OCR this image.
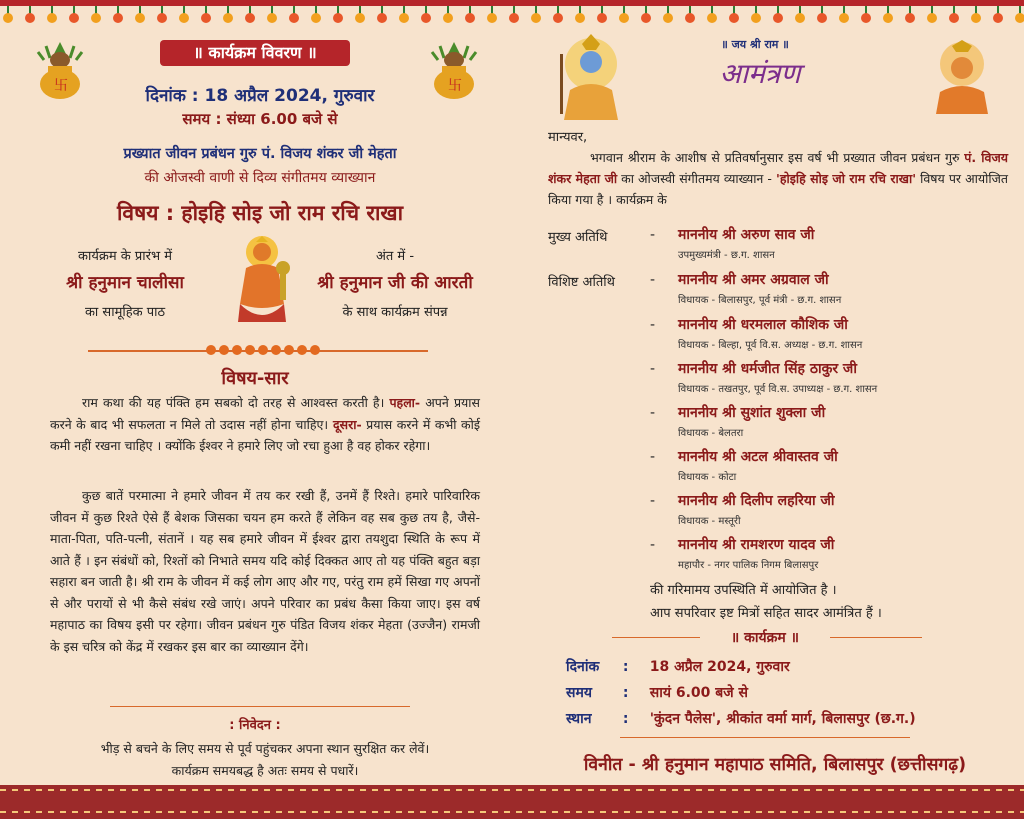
卐	卐
॥ कार्यक्रम विवरण ॥
दिनांक : 18 अप्रैल 2024, गुरुवार
समय : संध्या 6.00 बजे से
प्रख्यात जीवन प्रबंधन गुरु पं. विजय शंकर जी मेहता
की ओजस्वी वाणी से दिव्य संगीतमय व्याख्यान
विषय : होइहि सोइ जो राम रचि राखा
कार्यक्रम के प्रारंभ में
श्री हनुमान चालीसा
का सामूहिक पाठ
अंत में -
श्री हनुमान जी की आरती
के साथ कार्यक्रम संपन्न
विषय-सार
राम कथा की यह पंक्ति हम सबको दो तरह से आश्वस्त करती है। पहला- अपने प्रयास करने के बाद भी सफलता न मिले तो उदास नहीं होना चाहिए। दूसरा- प्रयास करने में कभी कोई कमी नहीं रखना चाहिए । क्योंकि ईश्वर ने हमारे लिए जो रचा हुआ है वह होकर रहेगा।
कुछ बातें परमात्मा ने हमारे जीवन में तय कर रखी हैं, उनमें हैं रिश्ते। हमारे पारिवारिक जीवन में कुछ रिश्ते ऐसे हैं बेशक जिसका चयन हम करते हैं लेकिन वह सब कुछ तय है, जैसे- माता-पिता, पति-पत्नी, संतानें । यह सब हमारे जीवन में ईश्वर द्वारा तयशुदा स्थिति के रूप में आते हैं । इन संबंधों को, रिश्तों को निभाते समय यदि कोई दिक्कत आए तो यह पंक्ति बहुत बड़ा सहारा बन जाती है। श्री राम के जीवन में कई लोग आए और गए, परंतु राम हमें सिखा गए अपनों से और परायों से भी कैसे संबंध रखे जाएं। अपने परिवार का प्रबंध कैसा किया जाए। इस वर्ष महापाठ का विषय इसी पर रहेगा। जीवन प्रबंधन गुरु पंडित विजय शंकर मेहता (उज्जैन) रामजी के इस चरित्र को केंद्र में रखकर इस बार का व्याख्यान देंगे।
: निवेदन :
भीड़ से बचने के लिए समय से पूर्व पहुंचकर अपना स्थान सुरक्षित कर लेवें।
कार्यक्रम समयबद्ध है अतः समय से पधारें।
॥ जय श्री राम ॥
आमंत्रण
मान्यवर,
भगवान श्रीराम के आशीष से प्रतिवर्षानुसार इस वर्ष भी प्रख्यात जीवन प्रबंधन गुरु पं. विजय शंकर मेहता जी का ओजस्वी संगीतमय व्याख्यान - 'होइहि सोइ जो राम रचि राखा' विषय पर आयोजित किया गया है । कार्यक्रम के
मुख्य अतिथि
विशिष्ट अतिथि
- माननीय श्री अरुण साव जी
उपमुख्यमंत्री - छ.ग. शासन
- माननीय श्री अमर अग्रवाल जी
विधायक - बिलासपुर, पूर्व मंत्री - छ.ग. शासन
- माननीय श्री धरमलाल कौशिक जी
विधायक - बिल्हा, पूर्व वि.स. अध्यक्ष - छ.ग. शासन
- माननीय श्री धर्मजीत सिंह ठाकुर जी
विधायक - तखतपुर, पूर्व वि.स. उपाध्यक्ष - छ.ग. शासन
- माननीय श्री सुशांत शुक्ला जी
विधायक - बेलतरा
- माननीय श्री अटल श्रीवास्तव जी
विधायक - कोटा
- माननीय श्री दिलीप लहरिया जी
विधायक - मस्तूरी
- माननीय श्री रामशरण यादव जी
महापौर - नगर पालिक निगम बिलासपुर
की गरिमामय उपस्थिति में आयोजित है ।
आप सपरिवार इष्ट मित्रों सहित सादर आमंत्रित हैं ।
॥ कार्यक्रम ॥
दिनांक : 18 अप्रैल 2024, गुरुवार
समय : सायं 6.00 बजे से
स्थान : 'कुंदन पैलेस', श्रीकांत वर्मा मार्ग, बिलासपुर (छ.ग.)
विनीत - श्री हनुमान महापाठ समिति, बिलासपुर (छत्तीसगढ़)
